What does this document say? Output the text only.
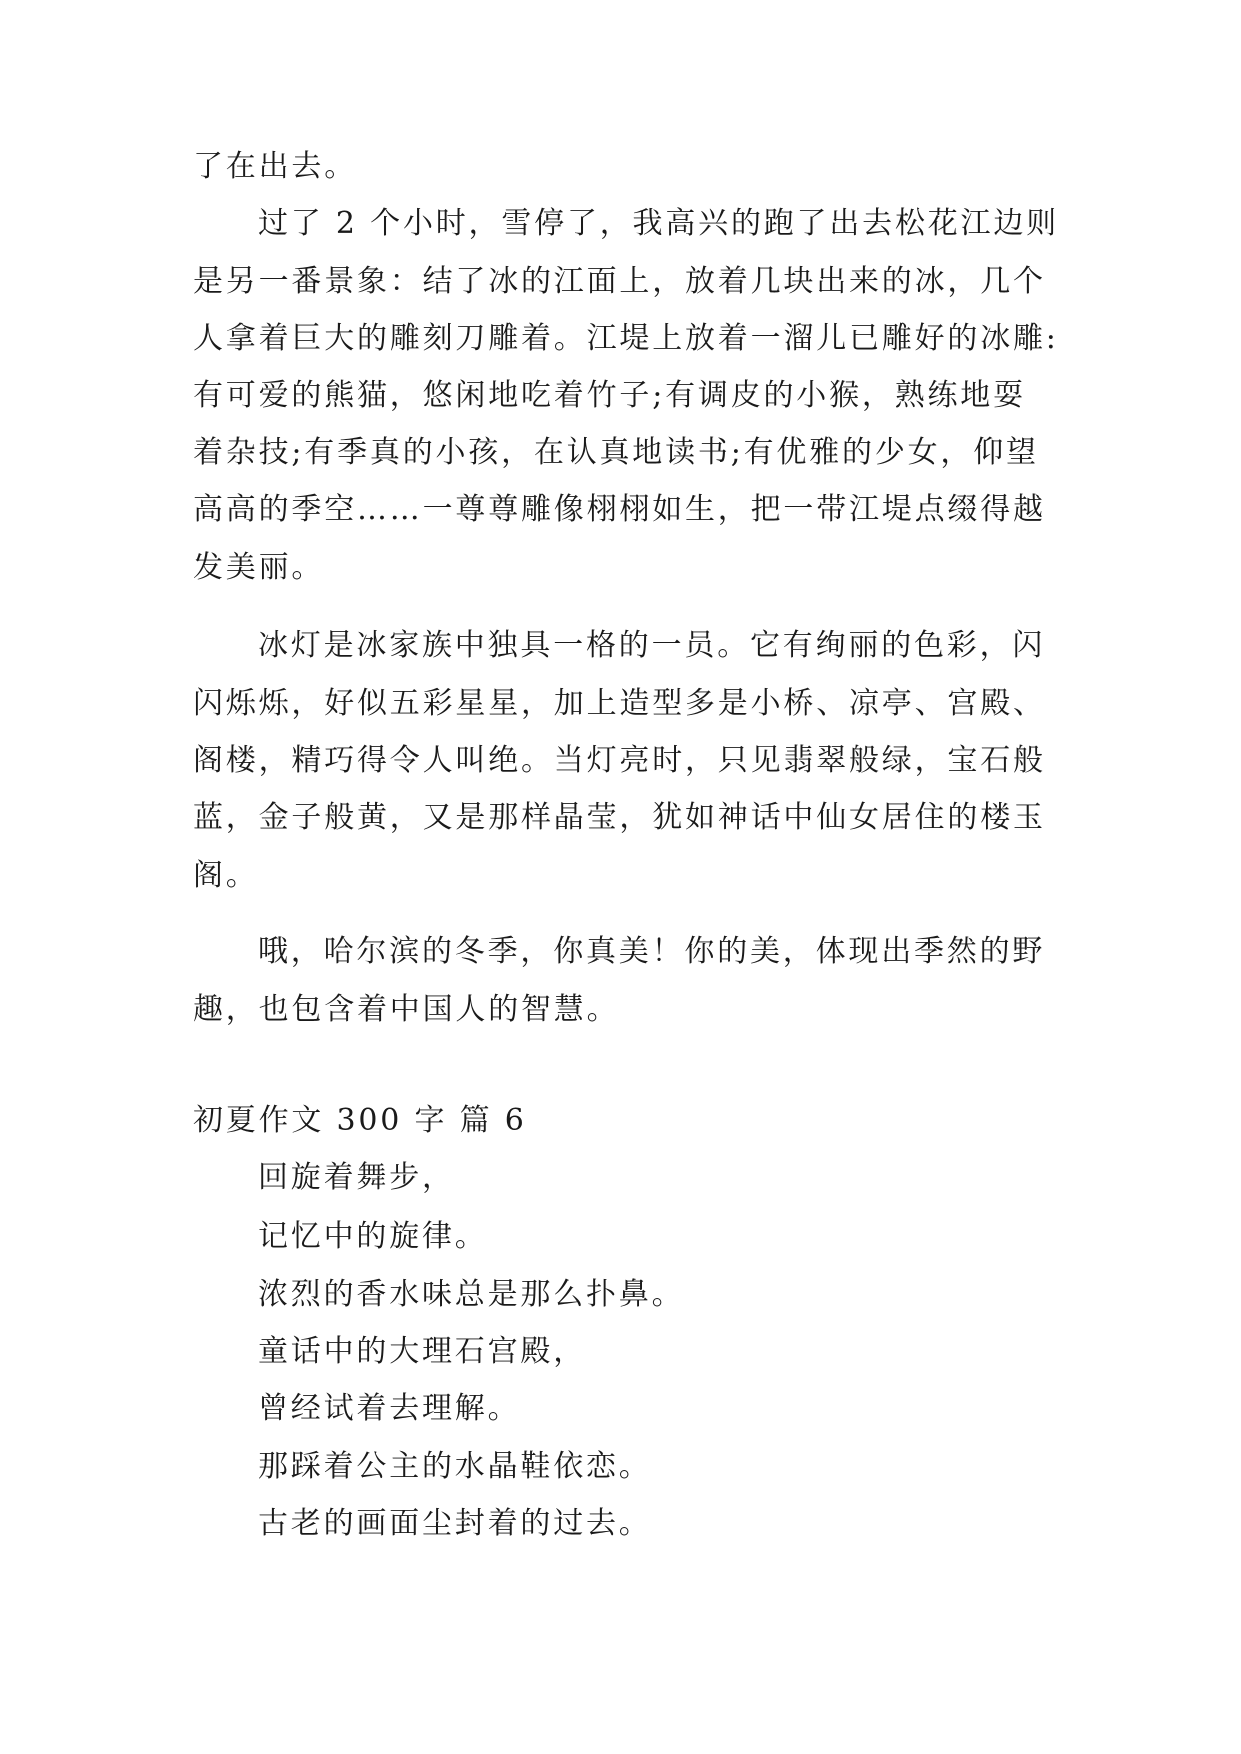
了在出去。
过了 2 个小时，雪停了，我高兴的跑了出去松花江边则
是另一番景象：结了冰的江面上，放着几块出来的冰，几个
人拿着巨大的雕刻刀雕着。江堤上放着一溜儿已雕好的冰雕:
有可爱的熊猫，悠闲地吃着竹子;有调皮的小猴，熟练地耍
着杂技;有季真的小孩，在认真地读书;有优雅的少女，仰望
高高的季空……一尊尊雕像栩栩如生，把一带江堤点缀得越
发美丽。
冰灯是冰家族中独具一格的一员。它有绚丽的色彩，闪
闪烁烁，好似五彩星星，加上造型多是小桥、凉亭、宫殿、
阁楼，精巧得令人叫绝。当灯亮时，只见翡翠般绿，宝石般
蓝，金子般黄，又是那样晶莹，犹如神话中仙女居住的楼玉
阁。
哦，哈尔滨的冬季，你真美！你的美，体现出季然的野
趣，也包含着中国人的智慧。
初夏作文 300 字 篇 6
回旋着舞步，
记忆中的旋律。
浓烈的香水味总是那么扑鼻。
童话中的大理石宫殿，
曾经试着去理解。
那踩着公主的水晶鞋依恋。
古老的画面尘封着的过去。
